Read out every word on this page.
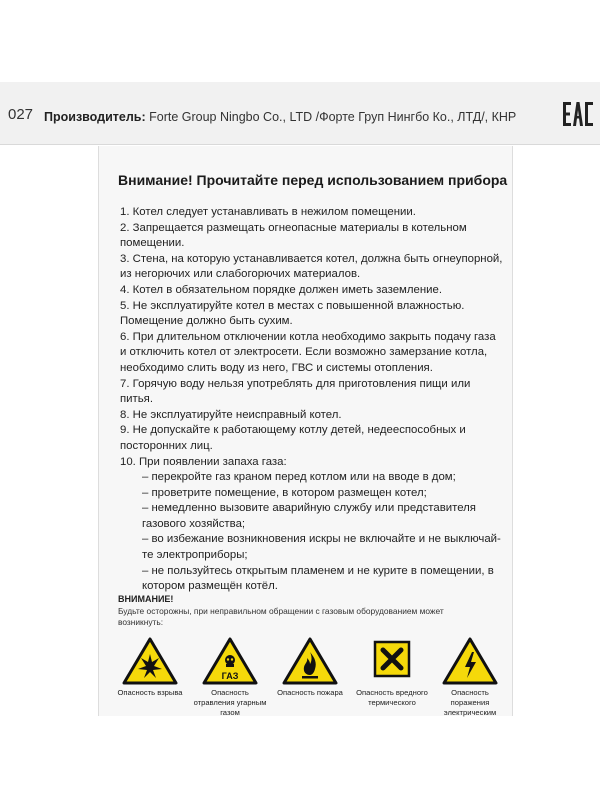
027 Производитель: Forte Group Ningbo Co., LTD /Форте Груп Нингбо Ко., ЛТД/, КНР
Внимание! Прочитайте перед использованием прибора
1. Котел следует устанавливать в нежилом помещении.
2. Запрещается размещать огнеопасные материалы в котельном
помещении.
3. Стена, на которую устанавливается котел, должна быть огнеупорной,
из негорючих или слабогорючих материалов.
4. Котел в обязательном порядке должен иметь заземление.
5. Не эксплуатируйте котел в местах с повышенной влажностью.
Помещение должно быть сухим.
6. При длительном отключении котла необходимо закрыть подачу газа
и отключить котел от электросети. Если возможно замерзание котла,
необходимо слить воду из него, ГВС и системы отопления.
7. Горячую воду нельзя употреблять для приготовления пищи или питья.
8. Не эксплуатируйте неисправный котел.
9. Не допускайте к работающему котлу детей, недееспособных и
посторонних лиц.
10. При появлении запаха газа:
– перекройте газ краном перед котлом или на вводе в дом;
– проветрите помещение, в котором размещен котел;
– немедленно вызовите аварийную службу или представителя
газового хозяйства;
– во избежание возникновения искры не включайте и не выключай-
те электроприборы;
– не пользуйтесь открытым пламенем и не курите в помещении, в
котором размещён котёл.
ВНИМАНИЕ!
Будьте осторожны, при неправильном обращении с газовым оборудованием может возникнуть:
Опасность взрыва
ГАЗ
Опасность отравления угарным газом
Опасность пожара	Опасность вредного термического
Опасность поражения электрическим
